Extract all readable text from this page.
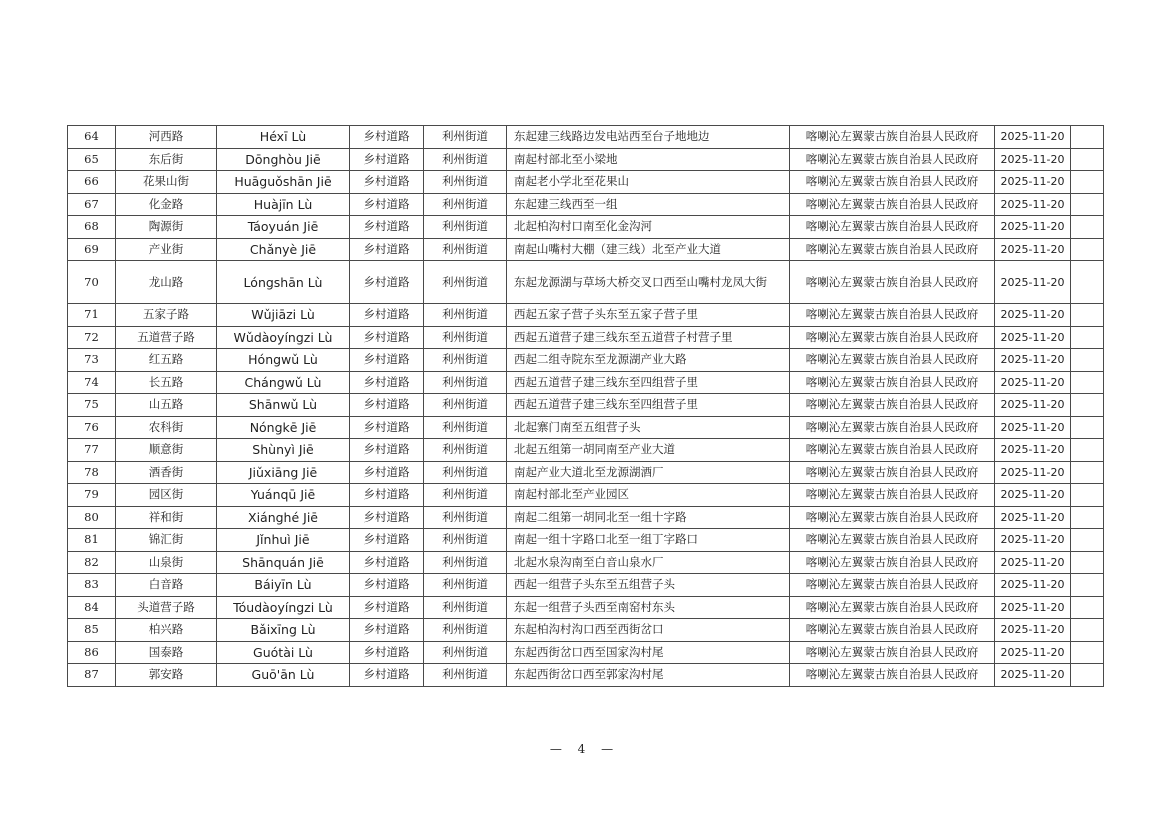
64	河西路	Héxī Lù	乡村道路	利州街道	东起建三线路边发电站西至台子地地边	喀喇沁左翼蒙古族自治县人民政府	2025-11-20	
65	东后街	Dōnghòu Jiē	乡村道路	利州街道	南起村部北至小梁地	喀喇沁左翼蒙古族自治县人民政府	2025-11-20	
66	花果山街	Huāguǒshān Jiē	乡村道路	利州街道	南起老小学北至花果山	喀喇沁左翼蒙古族自治县人民政府	2025-11-20	
67	化金路	Huàjīn Lù	乡村道路	利州街道	东起建三线西至一组	喀喇沁左翼蒙古族自治县人民政府	2025-11-20	
68	陶源街	Táoyuán Jiē	乡村道路	利州街道	北起柏沟村口南至化金沟河	喀喇沁左翼蒙古族自治县人民政府	2025-11-20	
69	产业街	Chǎnyè Jiē	乡村道路	利州街道	南起山嘴村大棚（建三线）北至产业大道	喀喇沁左翼蒙古族自治县人民政府	2025-11-20	
70	龙山路	Lóngshān Lù	乡村道路	利州街道	东起龙源湖与草场大桥交叉口西至山嘴村龙凤大街	喀喇沁左翼蒙古族自治县人民政府	2025-11-20	
71	五家子路	Wǔjiāzi Lù	乡村道路	利州街道	西起五家子营子头东至五家子营子里	喀喇沁左翼蒙古族自治县人民政府	2025-11-20	
72	五道营子路	Wǔdàoyíngzi Lù	乡村道路	利州街道	西起五道营子建三线东至五道营子村营子里	喀喇沁左翼蒙古族自治县人民政府	2025-11-20	
73	红五路	Hóngwǔ Lù	乡村道路	利州街道	西起二组寺院东至龙源湖产业大路	喀喇沁左翼蒙古族自治县人民政府	2025-11-20	
74	长五路	Chángwǔ Lù	乡村道路	利州街道	西起五道营子建三线东至四组营子里	喀喇沁左翼蒙古族自治县人民政府	2025-11-20	
75	山五路	Shānwǔ Lù	乡村道路	利州街道	西起五道营子建三线东至四组营子里	喀喇沁左翼蒙古族自治县人民政府	2025-11-20	
76	农科街	Nóngkē Jiē	乡村道路	利州街道	北起寨门南至五组营子头	喀喇沁左翼蒙古族自治县人民政府	2025-11-20	
77	顺意街	Shùnyì Jiē	乡村道路	利州街道	北起五组第一胡同南至产业大道	喀喇沁左翼蒙古族自治县人民政府	2025-11-20	
78	酒香街	Jiǔxiāng Jiē	乡村道路	利州街道	南起产业大道北至龙源湖酒厂	喀喇沁左翼蒙古族自治县人民政府	2025-11-20	
79	园区街	Yuánqū Jiē	乡村道路	利州街道	南起村部北至产业园区	喀喇沁左翼蒙古族自治县人民政府	2025-11-20	
80	祥和街	Xiánghé Jiē	乡村道路	利州街道	南起二组第一胡同北至一组十字路	喀喇沁左翼蒙古族自治县人民政府	2025-11-20	
81	锦汇街	Jǐnhuì Jiē	乡村道路	利州街道	南起一组十字路口北至一组丁字路口	喀喇沁左翼蒙古族自治县人民政府	2025-11-20	
82	山泉街	Shānquán Jiē	乡村道路	利州街道	北起水泉沟南至白音山泉水厂	喀喇沁左翼蒙古族自治县人民政府	2025-11-20	
83	白音路	Báiyīn Lù	乡村道路	利州街道	西起一组营子头东至五组营子头	喀喇沁左翼蒙古族自治县人民政府	2025-11-20	
84	头道营子路	Tóudàoyíngzi Lù	乡村道路	利州街道	东起一组营子头西至南窑村东头	喀喇沁左翼蒙古族自治县人民政府	2025-11-20	
85	柏兴路	Bǎixīng Lù	乡村道路	利州街道	东起柏沟村沟口西至西街岔口	喀喇沁左翼蒙古族自治县人民政府	2025-11-20	
86	国泰路	Guótài Lù	乡村道路	利州街道	东起西街岔口西至国家沟村尾	喀喇沁左翼蒙古族自治县人民政府	2025-11-20	
87	郭安路	Guō'ān Lù	乡村道路	利州街道	东起西街岔口西至郭家沟村尾	喀喇沁左翼蒙古族自治县人民政府	2025-11-20	
— 4 —
